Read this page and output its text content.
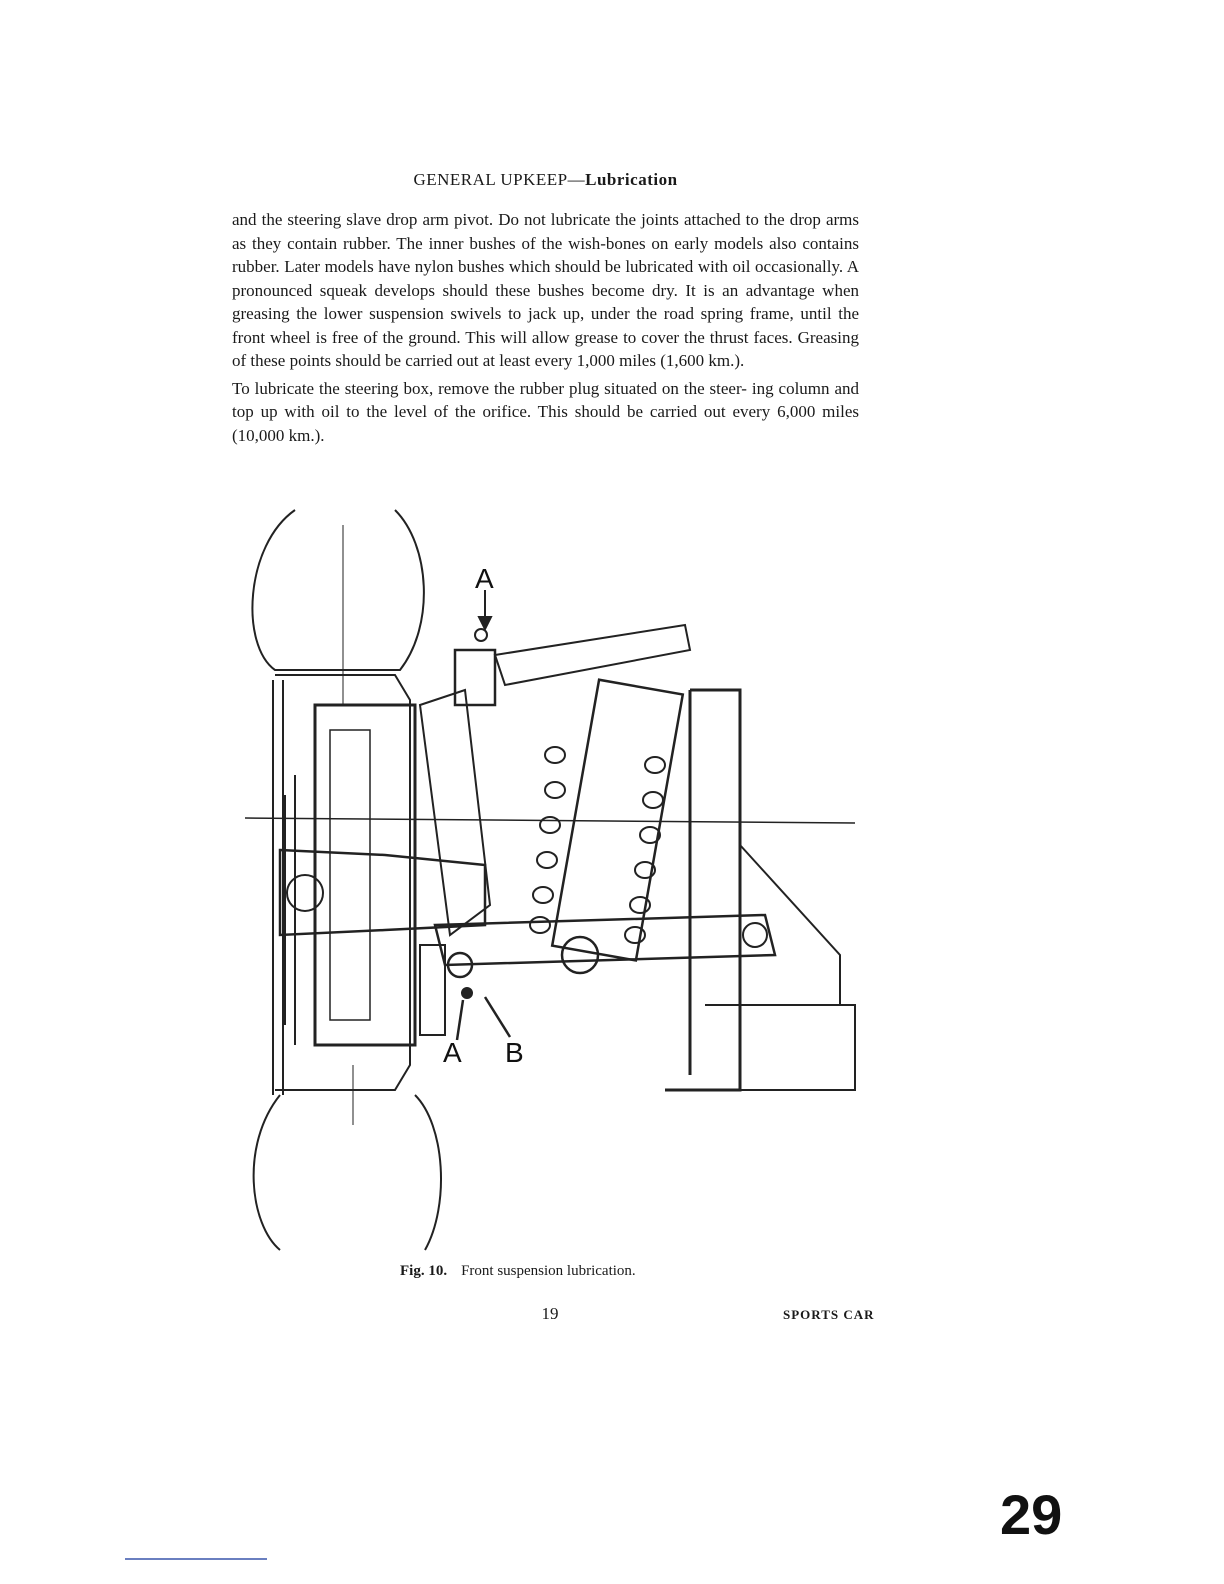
GENERAL UPKEEP—Lubrication

and the steering slave drop arm pivot. Do not lubricate the joints attached to the drop arms as they contain rubber. The inner bushes of the wish-bones on early models also contains rubber. Later models have nylon bushes which should be lubricated with oil occasionally. A pronounced squeak develops should these bushes become dry. It is an advantage when greasing the lower suspension swivels to jack up, under the road spring frame, until the front wheel is free of the ground. This will allow grease to cover the thrust faces. Greasing of these points should be carried out at least every 1,000 miles (1,600 km.).

To lubricate the steering box, remove the rubber plug situated on the steer- ing column and top up with oil to the level of the orifice. This should be carried out every 6,000 miles (10,000 km.).

A
A B
Fig. 10. Front suspension lubrication.
19	SPORTS CAR
29
